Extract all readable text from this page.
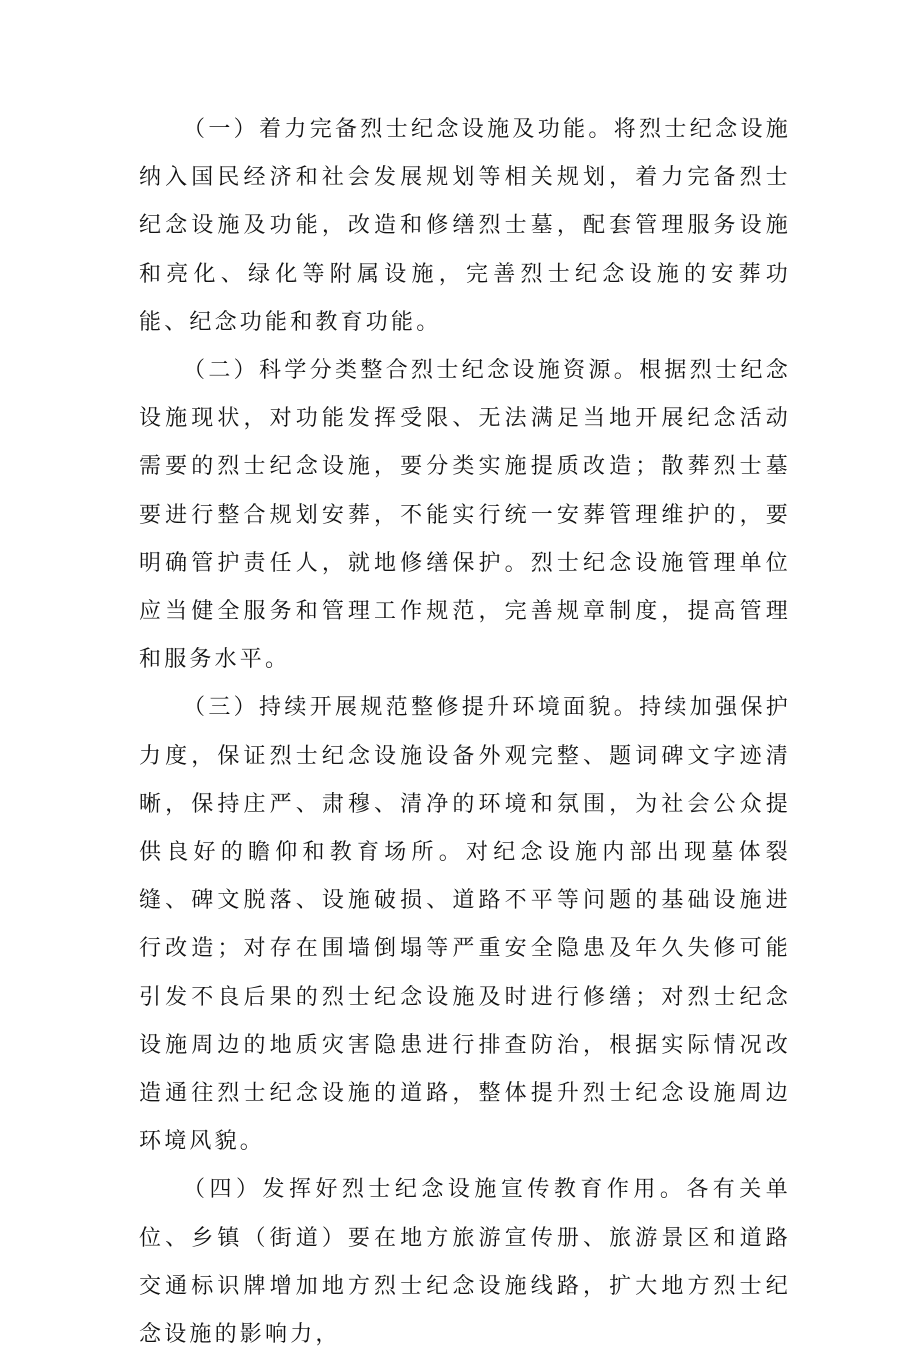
（一）着力完备烈士纪念设施及功能。将烈士纪念设施纳入国民经济和社会发展规划等相关规划，着力完备烈士纪念设施及功能，改造和修缮烈士墓，配套管理服务设施和亮化、绿化等附属设施，完善烈士纪念设施的安葬功能、纪念功能和教育功能。

（二）科学分类整合烈士纪念设施资源。根据烈士纪念设施现状，对功能发挥受限、无法满足当地开展纪念活动需要的烈士纪念设施，要分类实施提质改造；散葬烈士墓要进行整合规划安葬，不能实行统一安葬管理维护的，要明确管护责任人，就地修缮保护。烈士纪念设施管理单位应当健全服务和管理工作规范，完善规章制度，提高管理和服务水平。

（三）持续开展规范整修提升环境面貌。持续加强保护力度，保证烈士纪念设施设备外观完整、题词碑文字迹清晰，保持庄严、肃穆、清净的环境和氛围，为社会公众提供良好的瞻仰和教育场所。对纪念设施内部出现墓体裂缝、碑文脱落、设施破损、道路不平等问题的基础设施进行改造；对存在围墙倒塌等严重安全隐患及年久失修可能引发不良后果的烈士纪念设施及时进行修缮；对烈士纪念设施周边的地质灾害隐患进行排查防治，根据实际情况改造通往烈士纪念设施的道路，整体提升烈士纪念设施周边环境风貌。

（四）发挥好烈士纪念设施宣传教育作用。各有关单位、乡镇（街道）要在地方旅游宣传册、旅游景区和道路交通标识牌增加地方烈士纪念设施线路，扩大地方烈士纪念设施的影响力，
